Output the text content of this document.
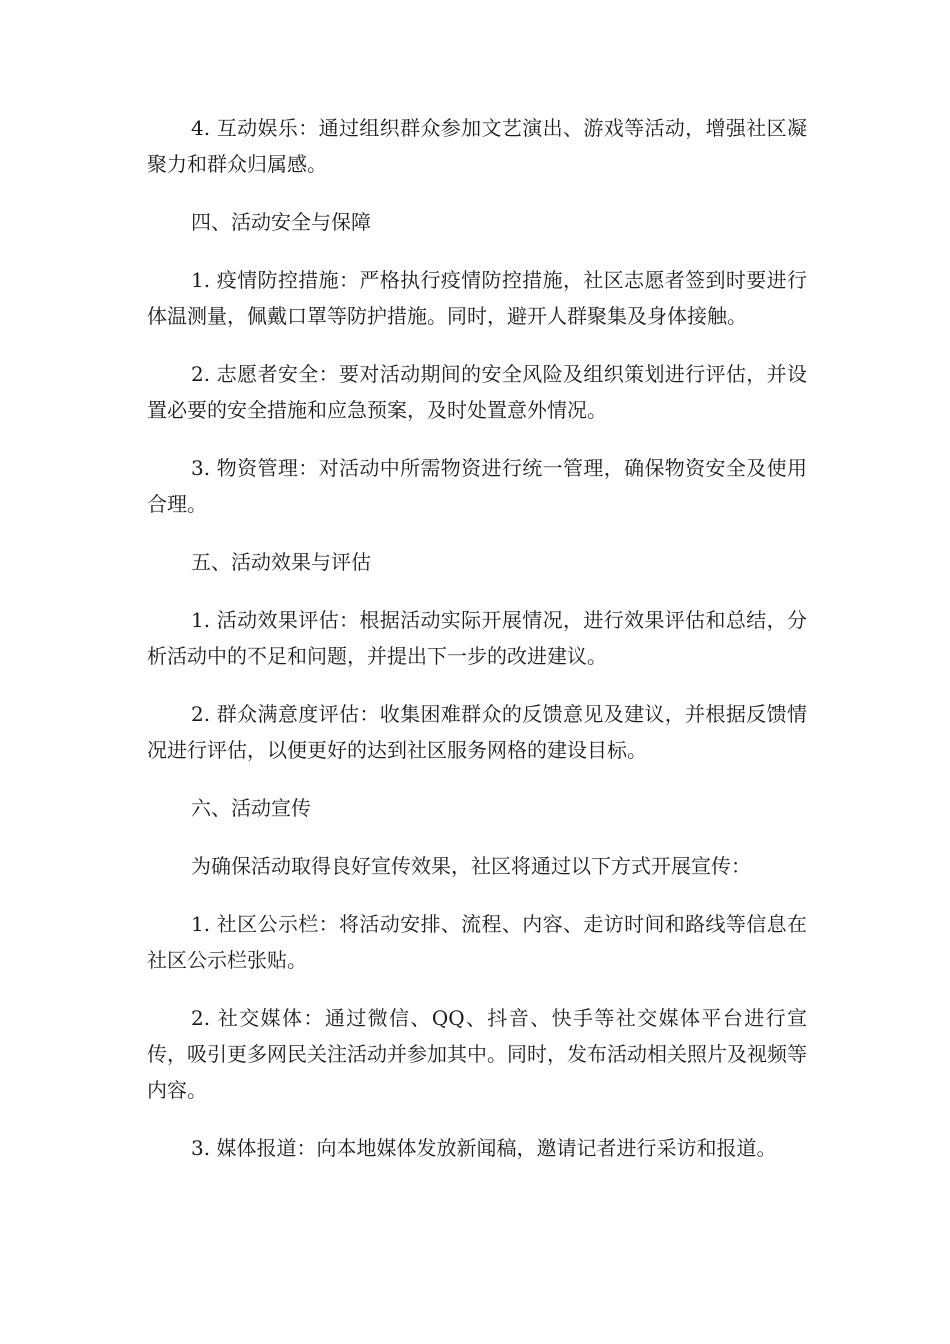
4. 互动娱乐：通过组织群众参加文艺演出、游戏等活动，增强社区凝聚力和群众归属感。

四、活动安全与保障

1. 疫情防控措施：严格执行疫情防控措施，社区志愿者签到时要进行体温测量，佩戴口罩等防护措施。同时，避开人群聚集及身体接触。

2. 志愿者安全：要对活动期间的安全风险及组织策划进行评估，并设置必要的安全措施和应急预案，及时处置意外情况。

3. 物资管理：对活动中所需物资进行统一管理，确保物资安全及使用合理。

五、活动效果与评估

1. 活动效果评估：根据活动实际开展情况，进行效果评估和总结，分析活动中的不足和问题，并提出下一步的改进建议。

2. 群众满意度评估：收集困难群众的反馈意见及建议，并根据反馈情况进行评估，以便更好的达到社区服务网格的建设目标。

六、活动宣传

为确保活动取得良好宣传效果，社区将通过以下方式开展宣传：

1. 社区公示栏：将活动安排、流程、内容、走访时间和路线等信息在社区公示栏张贴。

2. 社交媒体：通过微信、QQ、抖音、快手等社交媒体平台进行宣传，吸引更多网民关注活动并参加其中。同时，发布活动相关照片及视频等内容。

3. 媒体报道：向本地媒体发放新闻稿，邀请记者进行采访和报道。
